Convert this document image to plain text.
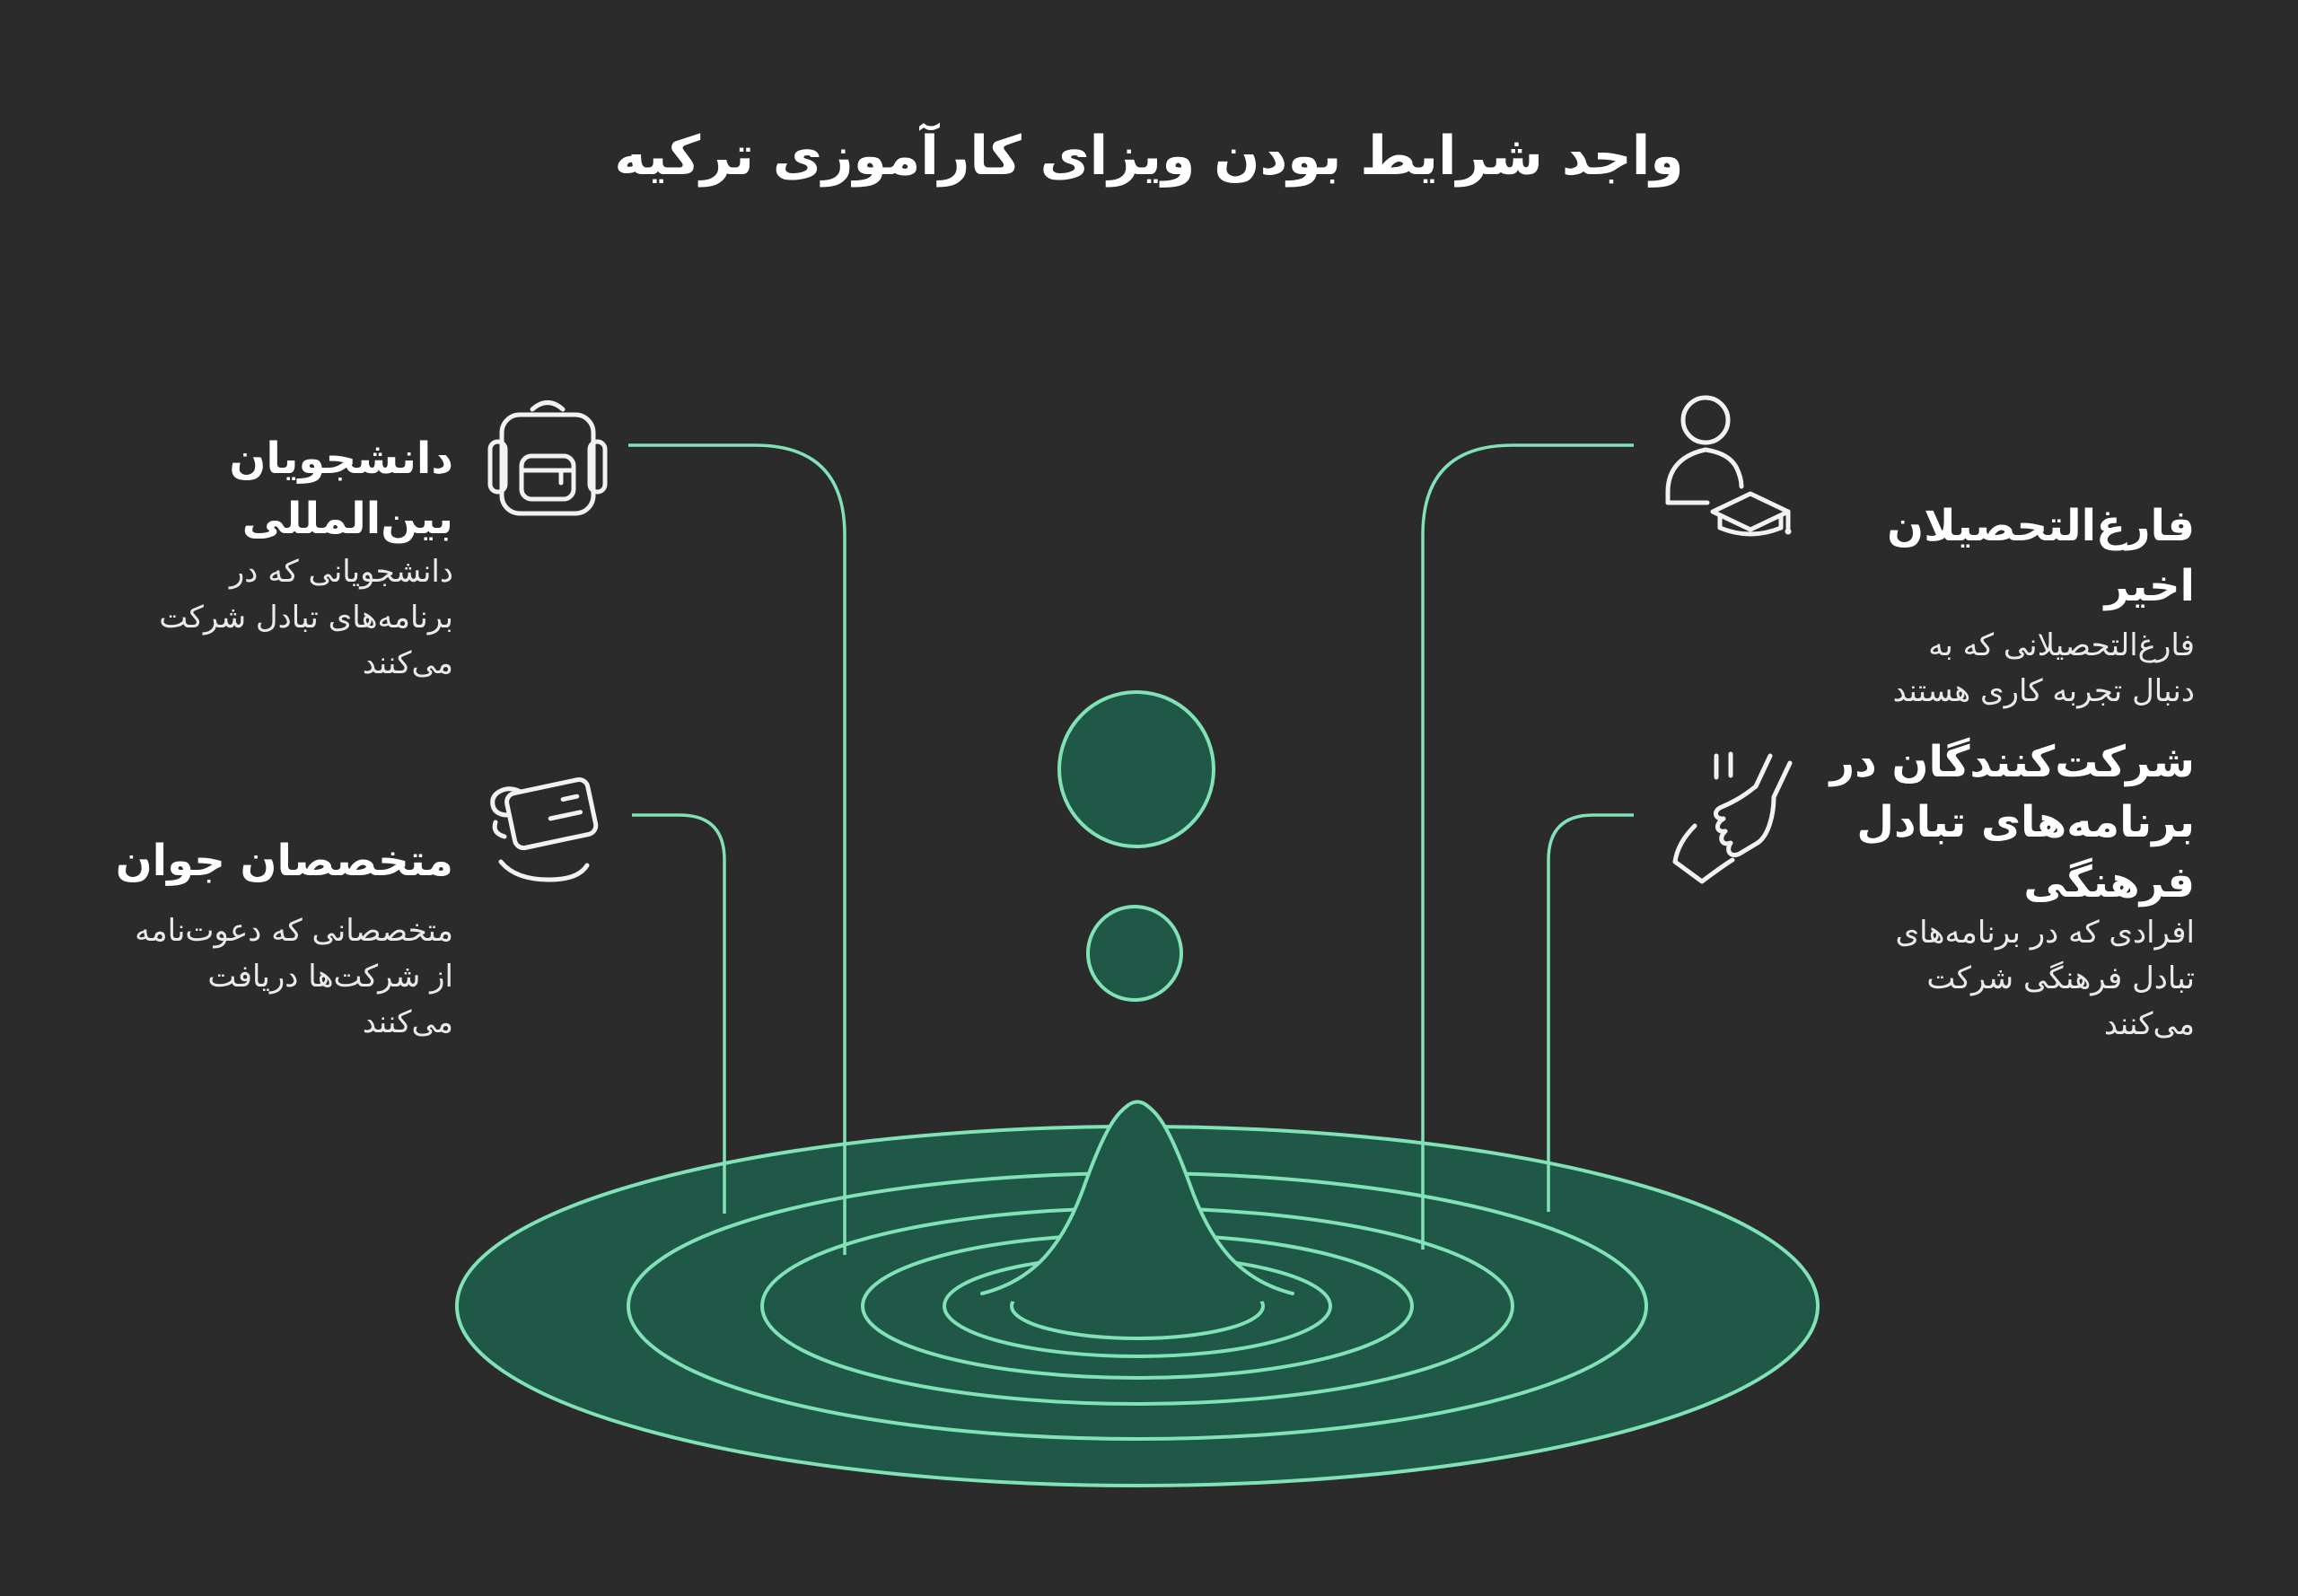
واجد شرایط بودن ویزای کارآموزی ترکیه
دانشجویان
بین‌المللی
دانشجویانی که در
برنامه‌های تبادل شرکت
می‌کنند
متخصصان جوان
متخصصانی که دعوت‌نامه
از شرکت‌ها دریافت
می‌کنند
فارغ‌التحصیلان اخیر
فارغ‌التحصیلانی که به
دنبال تجربه کاری هستند
شرکت‌کنندگان در
برنامه‌های تبادل
فرهنگی
افرادی که در برنامه‌های
تبادل فرهنگی شرکت
می‌کنند
